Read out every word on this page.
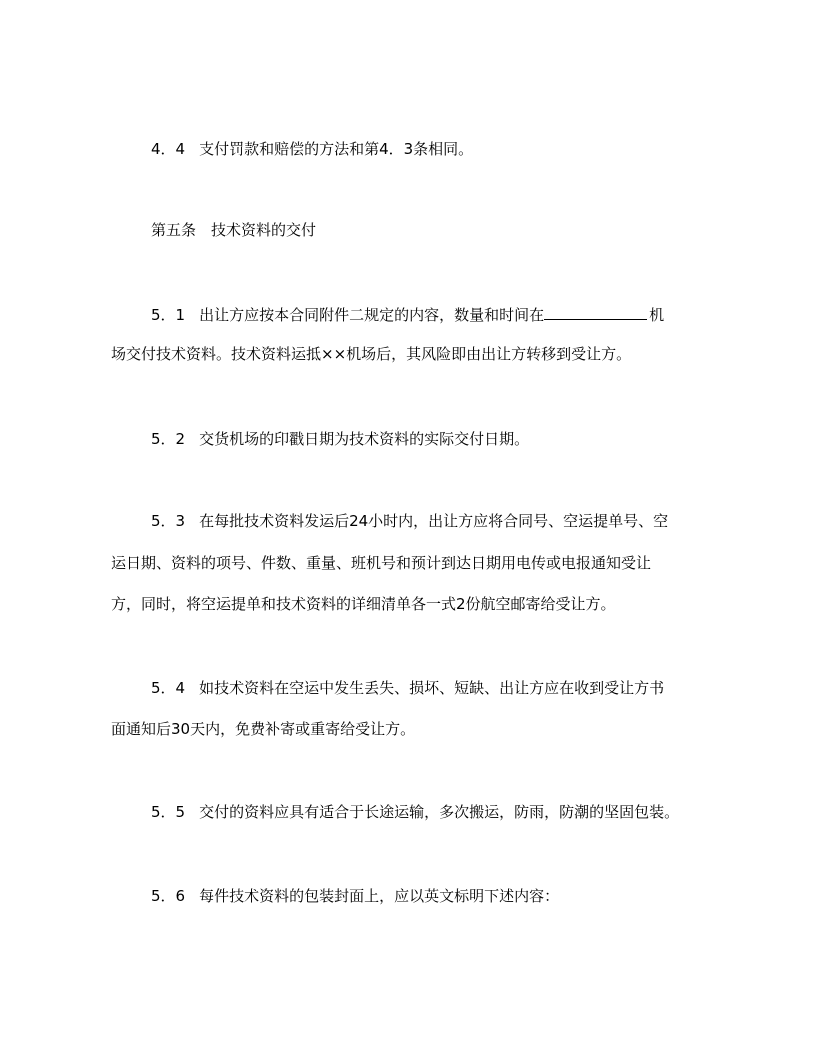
4．4 支付罚款和赔偿的方法和第4．3条相同。
第五条　技术资料的交付
5．1 出让方应按本合同附件二规定的内容，数量和时间在	机
场交付技术资料。技术资料运抵××机场后，其风险即由出让方转移到受让方。
5．2 交货机场的印戳日期为技术资料的实际交付日期。
5．3 在每批技术资料发运后24小时内，出让方应将合同号、空运提单号、空
运日期、资料的项号、件数、重量、班机号和预计到达日期用电传或电报通知受让
方，同时，将空运提单和技术资料的详细清单各一式2份航空邮寄给受让方。
5．4 如技术资料在空运中发生丢失、损坏、短缺、出让方应在收到受让方书
面通知后30天内，免费补寄或重寄给受让方。
5．5 交付的资料应具有适合于长途运输，多次搬运，防雨，防潮的坚固包装。
5．6 每件技术资料的包装封面上，应以英文标明下述内容：
